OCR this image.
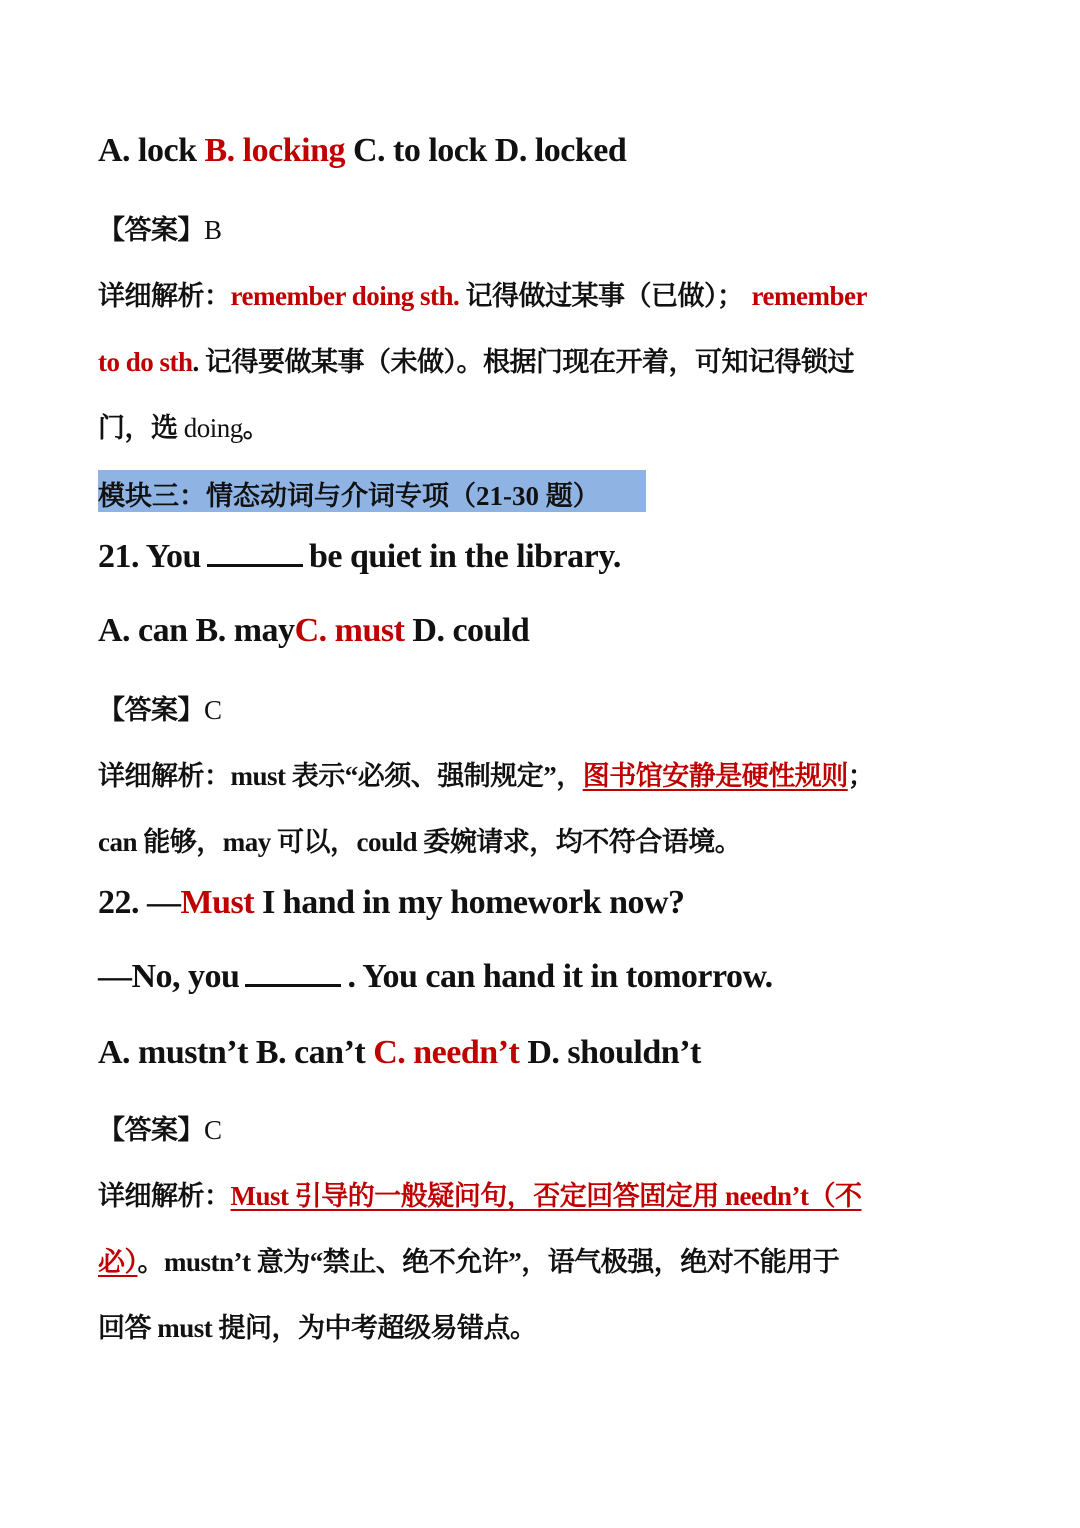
A. lock B. locking C. to lock D. locked
【答案】B
详细解析：remember doing sth. 记得做过某事（已做）； remember
to do sth. 记得要做某事（未做）。根据门现在开着，可知记得锁过
门，选 doing。
模块三：情态动词与介词专项（21-30 题）
21. You	be quiet in the library.
A. can B. mayC. must D. could
【答案】C
详细解析：must 表示“必须、强制规定”，图书馆安静是硬性规则；
can 能够，may 可以，could 委婉请求，均不符合语境。
22. —Must I hand in my homework now?
—No, you	. You can hand it in tomorrow.
A. mustn’t B. can’t C. needn’t D. shouldn’t
【答案】C
详细解析：Must 引导的一般疑问句，否定回答固定用 needn’t（不
必）。mustn’t 意为“禁止、绝不允许”，语气极强，绝对不能用于
回答 must 提问，为中考超级易错点。
